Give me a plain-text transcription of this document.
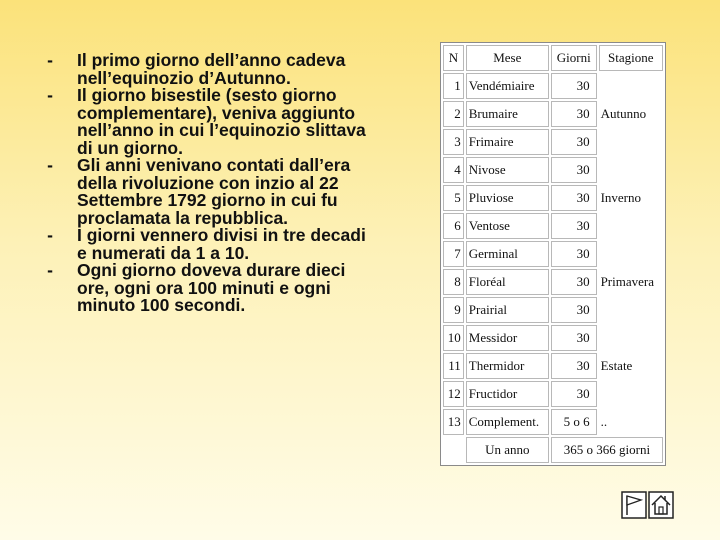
-	Il primo giorno dell’anno cadeva nell’equinozio d’Autunno.
-	Il giorno bisestile (sesto giorno complementare), veniva aggiunto nell’anno in cui l’equinozio slittava di un giorno.
-	Gli anni venivano contati dall’era della rivoluzione con inzio al 22 Settembre 1792 giorno in cui fu proclamata la repubblica.
-	I giorni vennero divisi in tre decadi e numerati da 1 a 10.
-	Ogni giorno doveva durare dieci ore, ogni ora 100 minuti e ogni minuto 100 secondi.
N	Mese	Giorni	Stagione
1	Vendémiaire	30	
2	Brumaire	30	Autunno
3	Frimaire	30	
4	Nivose	30	
5	Pluviose	30	Inverno
6	Ventose	30	
7	Germinal	30	
8	Floréal	30	Primavera
9	Prairial	30	
10	Messidor	30	
11	Thermidor	30	Estate
12	Fructidor	30	
13	Complement.	5 o 6	..
	Un anno	365 o 366 giorni	
